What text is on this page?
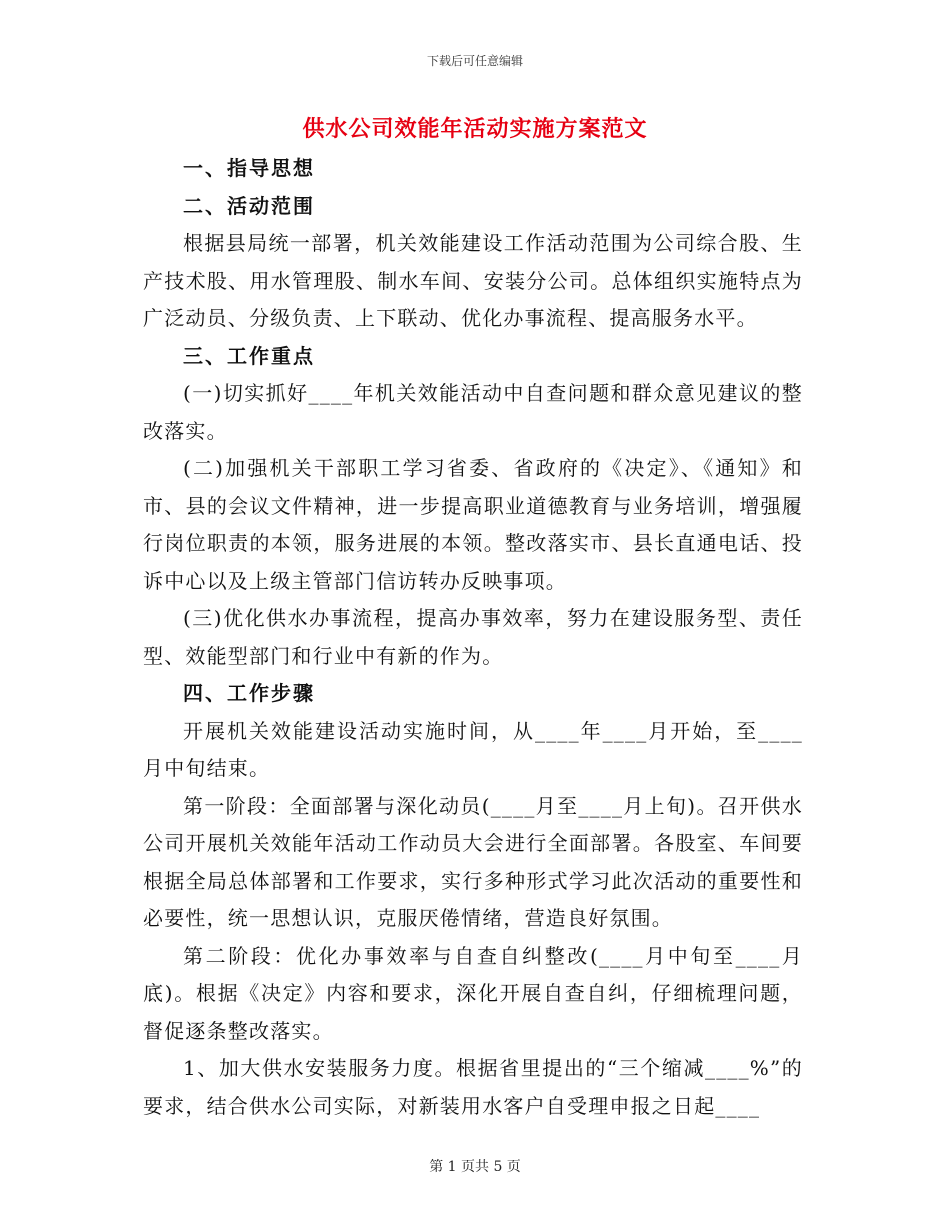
下载后可任意编辑
供水公司效能年活动实施方案范文

一、指导思想

二、活动范围

根据县局统一部署，机关效能建设工作活动范围为公司综合股、生产技术股、用水管理股、制水车间、安装分公司。总体组织实施特点为广泛动员、分级负责、上下联动、优化办事流程、提高服务水平。

三、工作重点

(一)切实抓好____年机关效能活动中自查问题和群众意见建议的整改落实。

(二)加强机关干部职工学习省委、省政府的《决定》、《通知》和市、县的会议文件精神，进一步提高职业道德教育与业务培训，增强履行岗位职责的本领，服务进展的本领。整改落实市、县长直通电话、投诉中心以及上级主管部门信访转办反映事项。

(三)优化供水办事流程，提高办事效率，努力在建设服务型、责任型、效能型部门和行业中有新的作为。

四、工作步骤

开展机关效能建设活动实施时间，从____年____月开始，至____月中旬结束。

第一阶段：全面部署与深化动员(____月至____月上旬)。召开供水公司开展机关效能年活动工作动员大会进行全面部署。各股室、车间要根据全局总体部署和工作要求，实行多种形式学习此次活动的重要性和必要性，统一思想认识，克服厌倦情绪，营造良好氛围。

第二阶段：优化办事效率与自查自纠整改(____月中旬至____月底)。根据《决定》内容和要求，深化开展自查自纠，仔细梳理问题，督促逐条整改落实。

1、加大供水安装服务力度。根据省里提出的“三个缩减____%”的要求，结合供水公司实际，对新装用水客户自受理申报之日起____

第 1 页共 5 页
